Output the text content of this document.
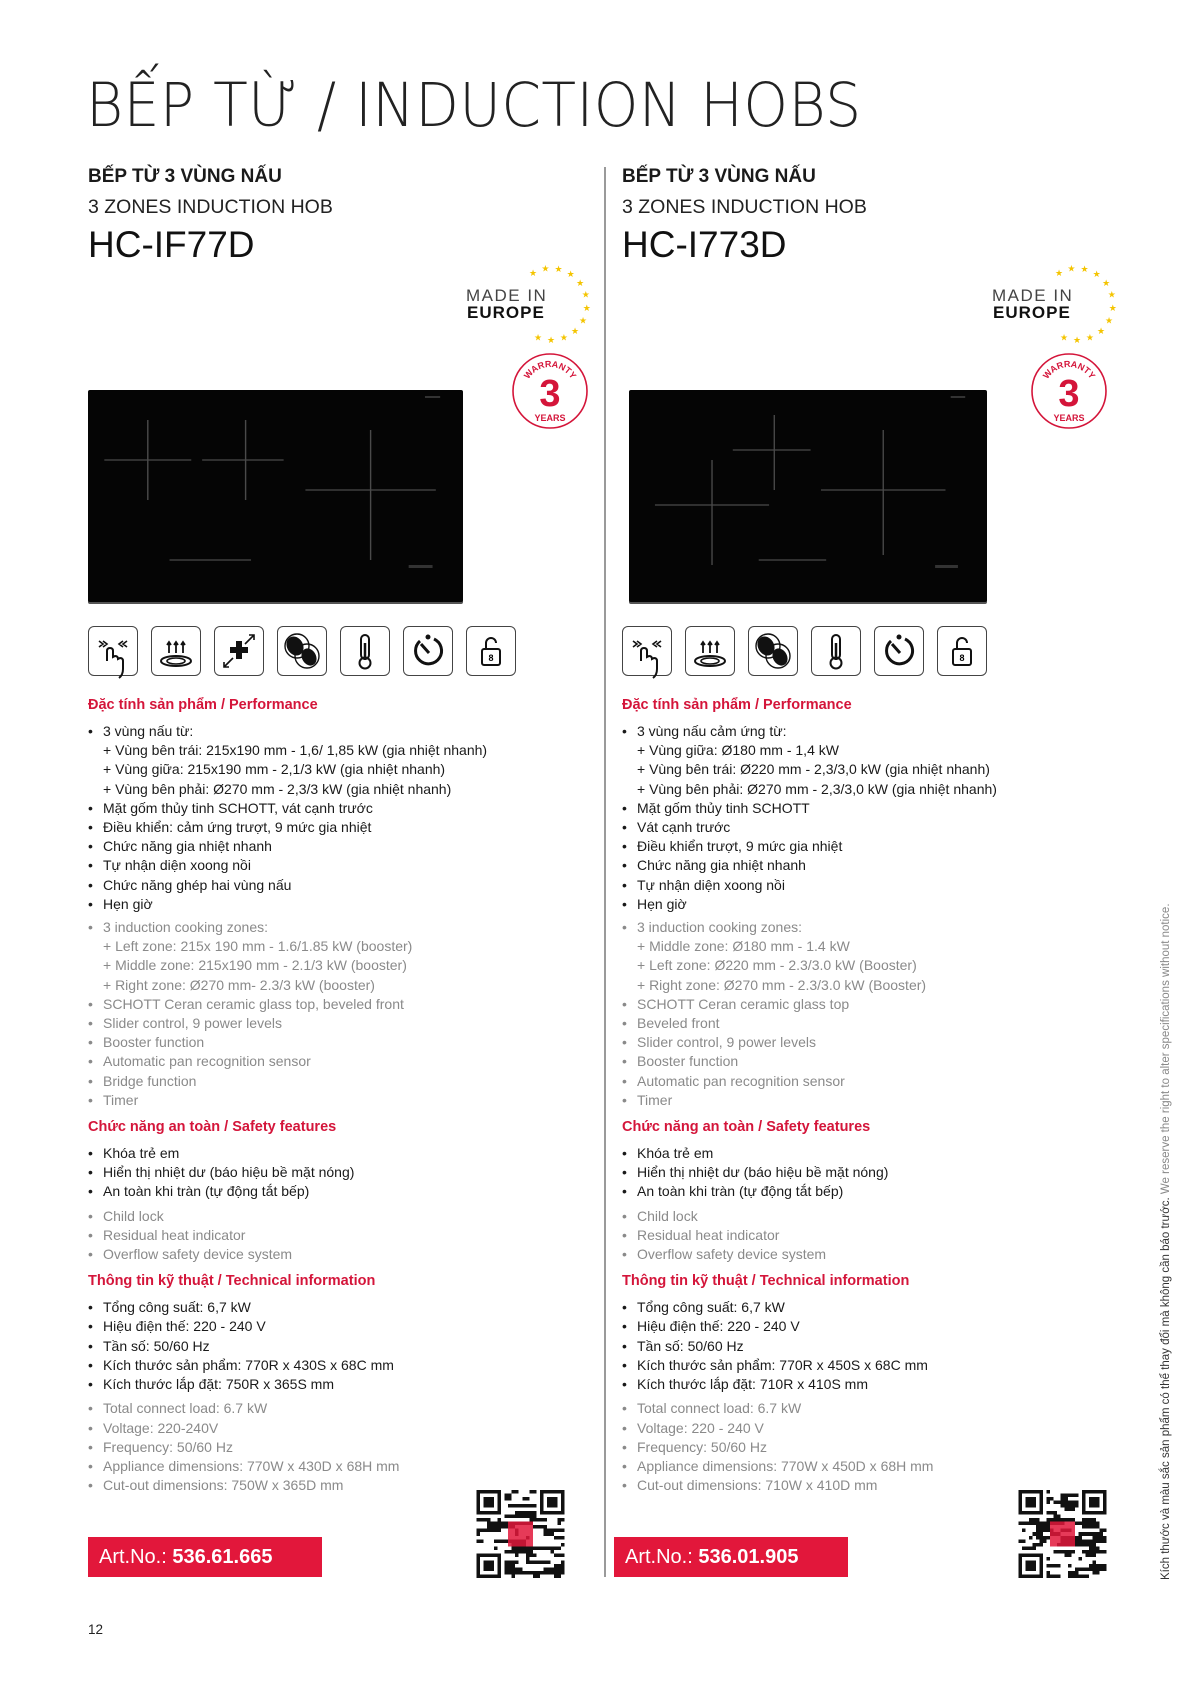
BẾP TỪ / INDUCTION HOBS
BẾP TỪ 3 VÙNG NẤU
3 ZONES INDUCTION HOB
HC-IF77D
★ ★ ★
★
★
★
★
★
★
★
★
★
MADE IN
EUROPE
WARRANTY
3
YEARS
8
Đặc tính sản phẩm / Performance
• 3 vùng nấu từ:
+ Vùng bên trái: 215x190 mm - 1,6/ 1,85 kW (gia nhiệt nhanh)
+ Vùng giữa: 215x190 mm - 2,1/3 kW (gia nhiệt nhanh)
+ Vùng bên phải: Ø270 mm - 2,3/3 kW (gia nhiệt nhanh)
• Mặt gốm thủy tinh SCHOTT, vát cạnh trước
• Điều khiển: cảm ứng trượt, 9 mức gia nhiệt
• Chức năng gia nhiệt nhanh
• Tự nhận diện xoong nồi
• Chức năng ghép hai vùng nấu
• Hẹn giờ
• 3 induction cooking zones:
+ Left zone: 215x 190 mm - 1.6/1.85 kW (booster)
+ Middle zone: 215x190 mm - 2.1/3 kW (booster)
+ Right zone: Ø270 mm- 2.3/3 kW (booster)
• SCHOTT Ceran ceramic glass top, beveled front
• Slider control, 9 power levels
• Booster function
• Automatic pan recognition sensor
• Bridge function
• Timer
Chức năng an toàn / Safety features
• Khóa trẻ em
• Hiển thị nhiệt dư (báo hiệu bề mặt nóng)
• An toàn khi tràn (tự động tắt bếp)
• Child lock
• Residual heat indicator
• Overflow safety device system
Thông tin kỹ thuật / Technical information
• Tổng công suất: 6,7 kW
• Hiệu điện thế: 220 - 240 V
• Tần số: 50/60 Hz
• Kích thước sản phẩm: 770R x 430S x 68C mm
• Kích thước lắp đặt: 750R x 365S mm
• Total connect load: 6.7 kW
• Voltage: 220-240V
• Frequency: 50/60 Hz
• Appliance dimensions: 770W x 430D x 68H mm
• Cut-out dimensions: 750W x 365D mm
Art.No.: 536.61.665
BẾP TỪ 3 VÙNG NẤU
3 ZONES INDUCTION HOB
HC-I773D
★ ★ ★
★
★
★
★
★
★
★
★
★
MADE IN
EUROPE
WARRANTY
3
YEARS
8
Đặc tính sản phẩm / Performance
• 3 vùng nấu cảm ứng từ:
+ Vùng giữa: Ø180 mm - 1,4 kW
+ Vùng bên trái: Ø220 mm - 2,3/3,0 kW (gia nhiệt nhanh)
+ Vùng bên phải: Ø270 mm - 2,3/3,0 kW (gia nhiệt nhanh)
• Mặt gốm thủy tinh SCHOTT
• Vát cạnh trước
• Điều khiển trượt, 9 mức gia nhiệt
• Chức năng gia nhiệt nhanh
• Tự nhận diện xoong nồi
• Hẹn giờ
• 3 induction cooking zones:
+ Middle zone: Ø180 mm - 1.4 kW
+ Left zone: Ø220 mm - 2.3/3.0 kW (Booster)
+ Right zone: Ø270 mm - 2.3/3.0 kW (Booster)
• SCHOTT Ceran ceramic glass top
• Beveled front
• Slider control, 9 power levels
• Booster function
• Automatic pan recognition sensor
• Timer
Chức năng an toàn / Safety features
• Khóa trẻ em
• Hiển thị nhiệt dư (báo hiệu bề mặt nóng)
• An toàn khi tràn (tự động tắt bếp)
• Child lock
• Residual heat indicator
• Overflow safety device system
Thông tin kỹ thuật / Technical information
• Tổng công suất: 6,7 kW
• Hiệu điện thế: 220 - 240 V
• Tần số: 50/60 Hz
• Kích thước sản phẩm: 770R x 450S x 68C mm
• Kích thước lắp đặt: 710R x 410S mm
• Total connect load: 6.7 kW
• Voltage: 220 - 240 V
• Frequency: 50/60 Hz
• Appliance dimensions: 770W x 450D x 68H mm
• Cut-out dimensions: 710W x 410D mm
Art.No.: 536.01.905
12
Kích thước và màu sắc sản phẩm có thể thay đổi mà không cần báo trước. We reserve the right to alter specifications without notice.
